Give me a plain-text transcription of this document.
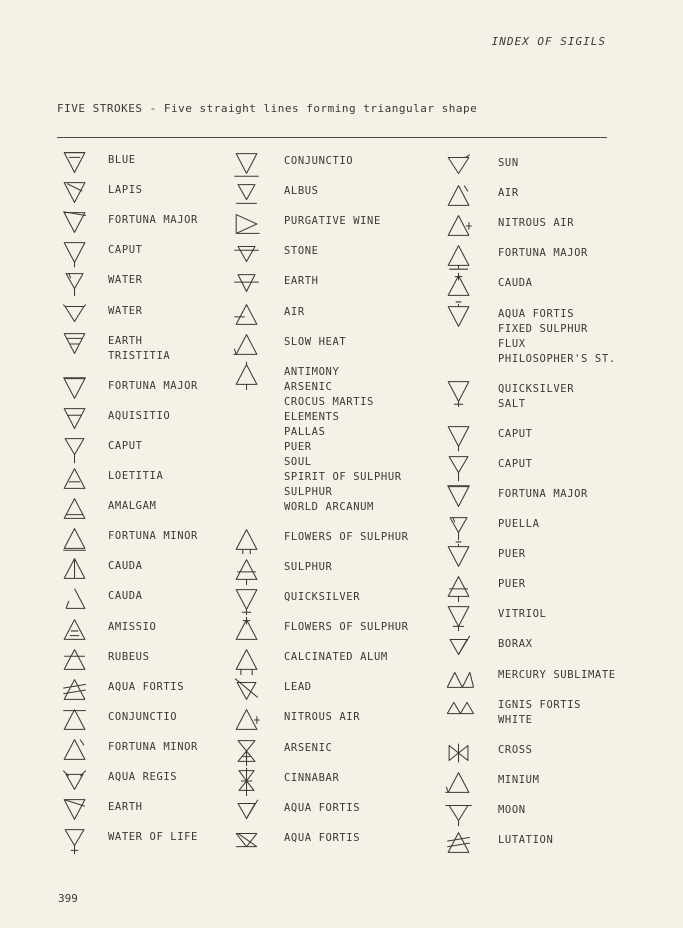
INDEX OF SIGILS
FIVE STROKES - Five straight lines forming triangular shape
BLUE
LAPIS
FORTUNA MAJOR
CAPUT
WATER
WATER
EARTH
TRISTITIA
FORTUNA MAJOR
AQUISITIO
CAPUT
LOETITIA
AMALGAM
FORTUNA MINOR
CAUDA
CAUDA
AMISSIO
RUBEUS
AQUA FORTIS
CONJUNCTIO
FORTUNA MINOR
AQUA REGIS
EARTH
WATER OF LIFE
CONJUNCTIO
ALBUS
PURGATIVE WINE
STONE
EARTH
AIR
SLOW HEAT
ANTIMONY
ARSENIC
CROCUS MARTIS
ELEMENTS
PALLAS
PUER
SOUL
SPIRIT OF SULPHUR
SULPHUR
WORLD ARCANUM
FLOWERS OF SULPHUR
SULPHUR
QUICKSILVER
FLOWERS OF SULPHUR
CALCINATED ALUM
LEAD
NITROUS AIR
ARSENIC
CINNABAR
AQUA FORTIS
AQUA FORTIS
SUN
AIR
NITROUS AIR
FORTUNA MAJOR
CAUDA
AQUA FORTIS
FIXED SULPHUR
FLUX
PHILOSOPHER'S ST.
QUICKSILVER
SALT
CAPUT
CAPUT
FORTUNA MAJOR
PUELLA
PUER
PUER
VITRIOL
BORAX
MERCURY SUBLIMATE
IGNIS FORTIS
WHITE
CROSS
MINIUM
MOON
LUTATION
399
